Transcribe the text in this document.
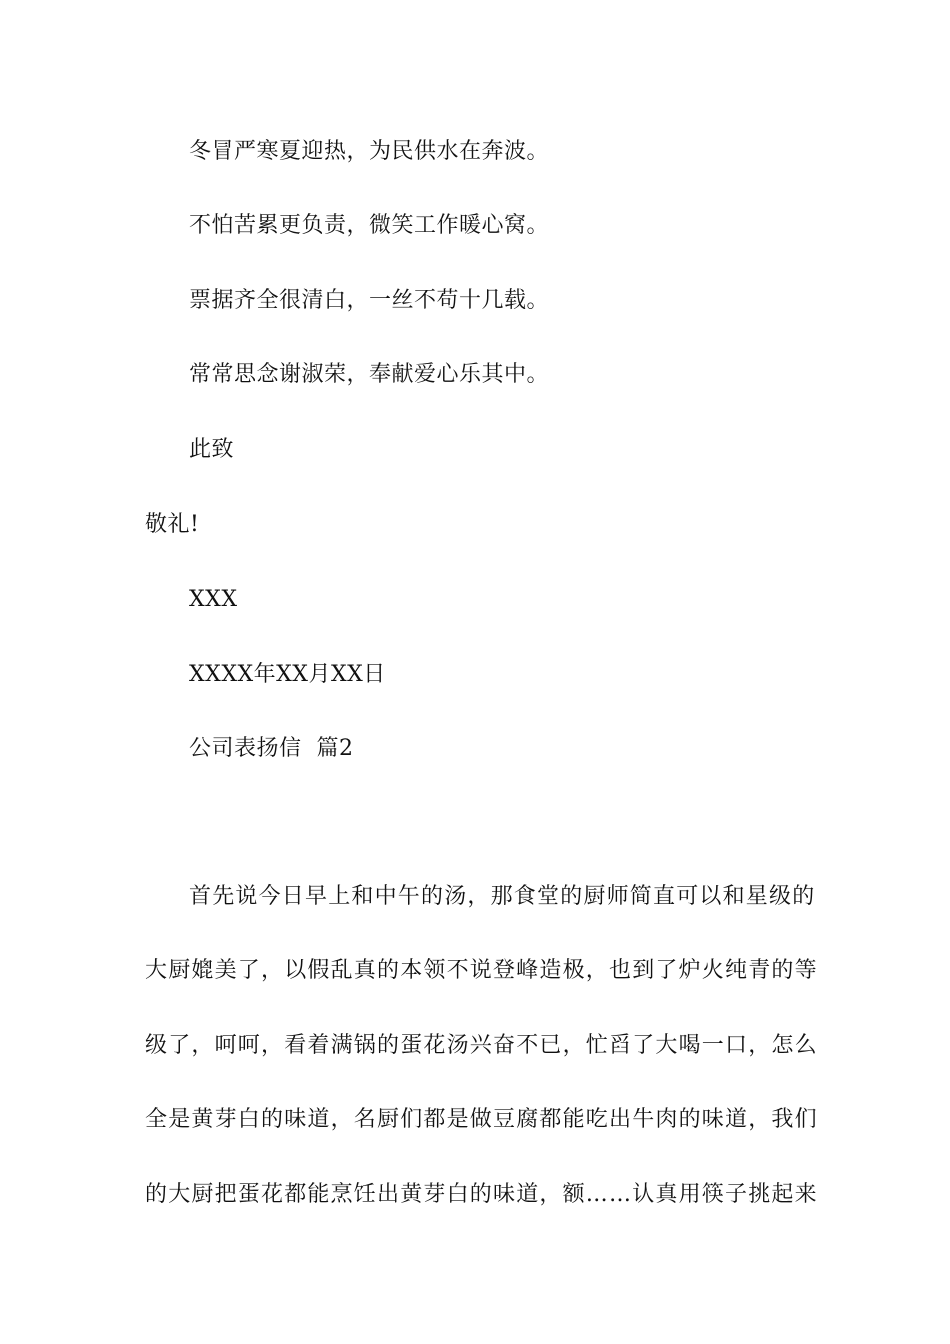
冬冒严寒夏迎热，为民供水在奔波。
不怕苦累更负责，微笑工作暖心窝。
票据齐全很清白，一丝不苟十几载。
常常思念谢淑荣，奉献爱心乐其中。
此致
敬礼!
XXX
XXXX年XX月XX日
公司表扬信  篇2
首先说今日早上和中午的汤，那食堂的厨师简直可以和星级的
大厨媲美了，以假乱真的本领不说登峰造极，也到了炉火纯青的等
级了，呵呵，看着满锅的蛋花汤兴奋不已，忙舀了大喝一口，怎么
全是黄芽白的味道，名厨们都是做豆腐都能吃出牛肉的味道，我们
的大厨把蛋花都能烹饪出黄芽白的味道，额……认真用筷子挑起来
